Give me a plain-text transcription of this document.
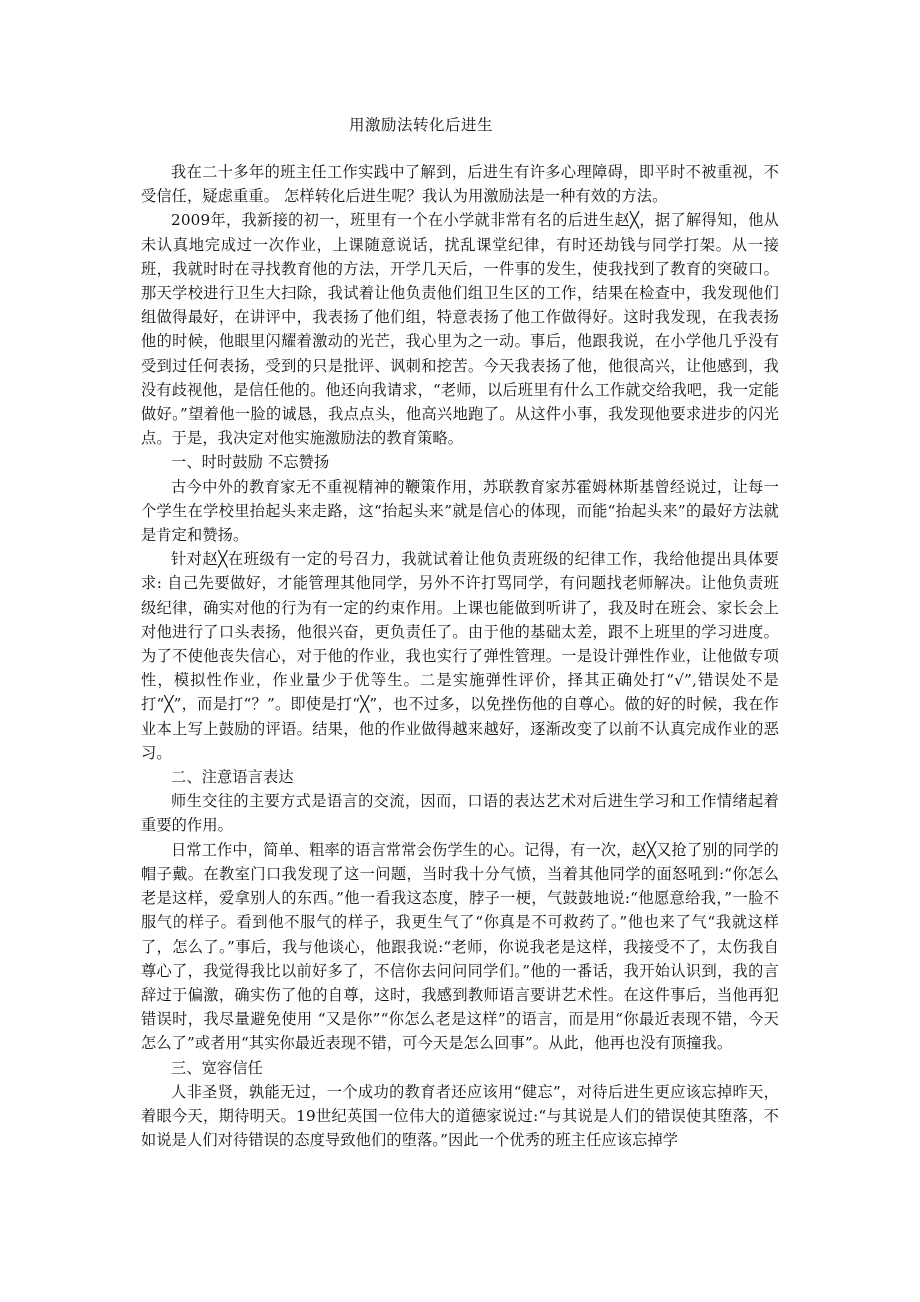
用激励法转化后进生

我在二十多年的班主任工作实践中了解到，后进生有许多心理障碍，即平时不被重视，不受信任，疑虑重重。 怎样转化后进生呢？我认为用激励法是一种有效的方法。

2009年，我新接的初一，班里有一个在小学就非常有名的后进生赵╳，据了解得知，他从未认真地完成过一次作业，上课随意说话，扰乱课堂纪律，有时还劫钱与同学打架。从一接班，我就时时在寻找教育他的方法，开学几天后，一件事的发生，使我找到了教育的突破口。那天学校进行卫生大扫除，我试着让他负责他们组卫生区的工作，结果在检查中，我发现他们组做得最好，在讲评中，我表扬了他们组，特意表扬了他工作做得好。这时我发现，在我表扬他的时候，他眼里闪耀着激动的光芒，我心里为之一动。事后，他跟我说，在小学他几乎没有受到过任何表扬，受到的只是批评、讽刺和挖苦。今天我表扬了他，他很高兴，让他感到，我没有歧视他，是信任他的。他还向我请求，“老师，以后班里有什么工作就交给我吧，我一定能做好。”望着他一脸的诚恳，我点点头，他高兴地跑了。从这件小事，我发现他要求进步的闪光点。于是，我决定对他实施激励法的教育策略。

一、时时鼓励 不忘赞扬

古今中外的教育家无不重视精神的鞭策作用，苏联教育家苏霍姆林斯基曾经说过，让每一个学生在学校里抬起头来走路，这“抬起头来”就是信心的体现，而能“抬起头来”的最好方法就是肯定和赞扬。

针对赵╳在班级有一定的号召力，我就试着让他负责班级的纪律工作，我给他提出具体要求: 自己先要做好，才能管理其他同学，另外不许打骂同学，有问题找老师解决。让他负责班级纪律，确实对他的行为有一定的约束作用。上课也能做到听讲了，我及时在班会、家长会上对他进行了口头表扬，他很兴奋，更负责任了。由于他的基础太差，跟不上班里的学习进度。为了不使他丧失信心，对于他的作业，我也实行了弹性管理。一是设计弹性作业，让他做专项性，模拟性作业，作业量少于优等生。二是实施弹性评价，择其正确处打“√”,错误处不是打“╳”，而是打“？”。即使是打“╳”，也不过多，以免挫伤他的自尊心。做的好的时候，我在作业本上写上鼓励的评语。结果，他的作业做得越来越好，逐渐改变了以前不认真完成作业的恶习。

二、注意语言表达

师生交往的主要方式是语言的交流，因而，口语的表达艺术对后进生学习和工作情绪起着重要的作用。

日常工作中，简单、粗率的语言常常会伤学生的心。记得，有一次，赵╳又抢了别的同学的帽子戴。在教室门口我发现了这一问题，当时我十分气愤，当着其他同学的面怒吼到:“你怎么老是这样，爱拿别人的东西。”他一看我这态度，脖子一梗，气鼓鼓地说:“他愿意给我，”一脸不服气的样子。看到他不服气的样子，我更生气了“你真是不可救药了。”他也来了气“我就这样了，怎么了。”事后，我与他谈心，他跟我说:“老师，你说我老是这样，我接受不了，太伤我自尊心了，我觉得我比以前好多了，不信你去问问同学们。”他的一番话，我开始认识到，我的言辞过于偏激，确实伤了他的自尊，这时，我感到教师语言要讲艺术性。在这件事后，当他再犯错误时，我尽量避免使用 “又是你”“你怎么老是这样”的语言，而是用“你最近表现不错，今天怎么了”或者用“其实你最近表现不错，可今天是怎么回事”。从此，他再也没有顶撞我。

三、宽容信任

人非圣贤，孰能无过，一个成功的教育者还应该用“健忘”，对待后进生更应该忘掉昨天，着眼今天，期待明天。19世纪英国一位伟大的道德家说过:“与其说是人们的错误使其堕落，不如说是人们对待错误的态度导致他们的堕落。”因此一个优秀的班主任应该忘掉学
